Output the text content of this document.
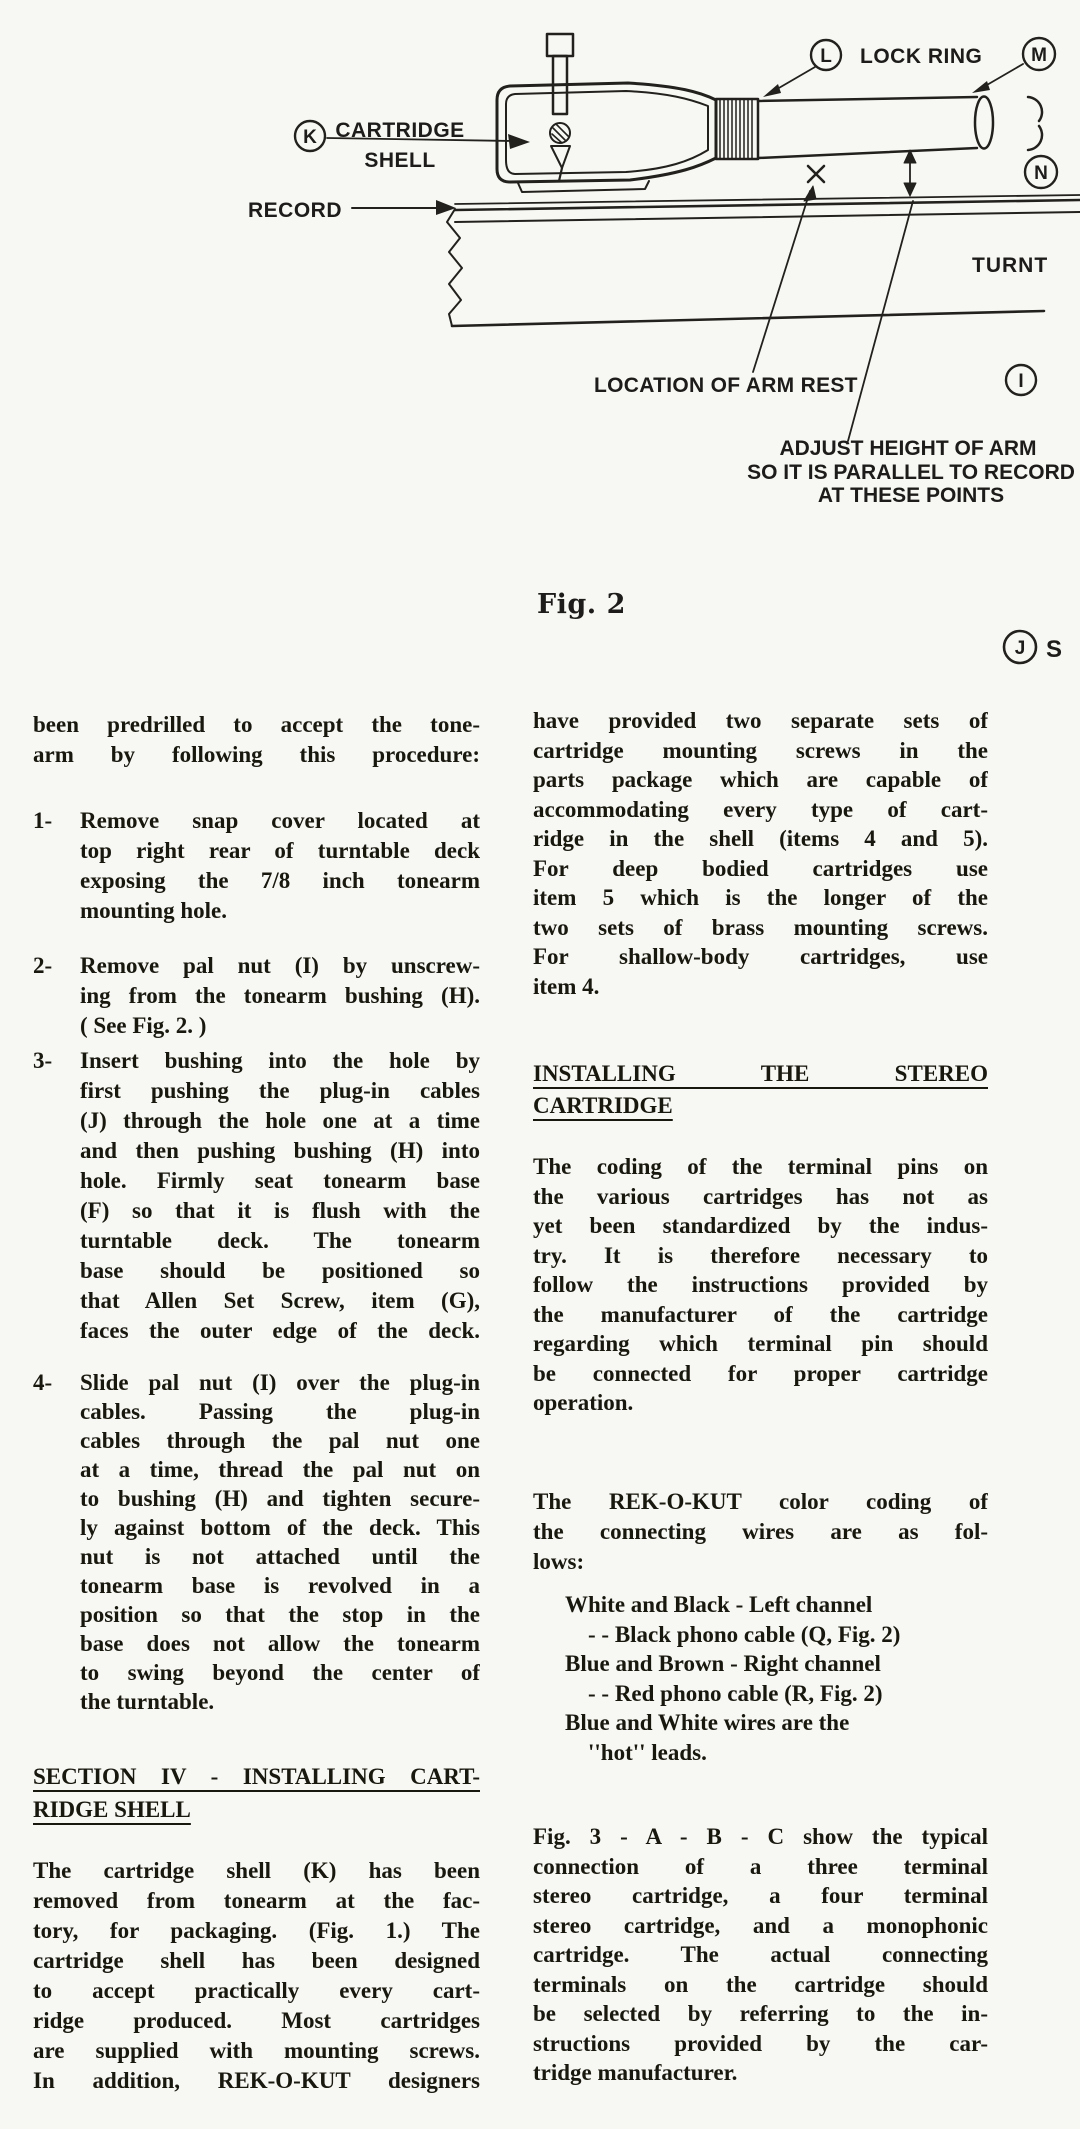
K CARTRIDGE
SHELL
L LOCK RING	M
N
I
J S
RECORD
TURNT
LOCATION OF ARM REST
ADJUST HEIGHT OF ARM
SO IT IS PARALLEL TO RECORD
AT THESE POINTS
Fig. 2
been predrilled to accept the tone-
arm by following this procedure:
1- Remove snap cover located at
top right rear of turntable deck
exposing the 7/8 inch tonearm
mounting hole.
2- Remove pal nut (I) by unscrew-
ing from the tonearm bushing (H).
( See Fig. 2. )
3- Insert bushing into the hole by
first pushing the plug-in cables
(J) through the hole one at a time
and then pushing bushing (H) into
hole. Firmly seat tonearm base
(F) so that it is flush with the
turntable deck. The tonearm
base should be positioned so
that Allen Set Screw, item (G),
faces the outer edge of the deck.
4- Slide pal nut (I) over the plug-in
cables. Passing the plug-in
cables through the pal nut one
at a time, thread the pal nut on
to bushing (H) and tighten secure-
ly against bottom of the deck. This
nut is not attached until the
tonearm base is revolved in a
position so that the stop in the
base does not allow the tonearm
to swing beyond the center of
the turntable.
SECTION IV - INSTALLING CART-
RIDGE SHELL
The cartridge shell (K) has been
removed from tonearm at the fac-
tory, for packaging. (Fig. 1.) The
cartridge shell has been designed
to accept practically every cart-
ridge produced. Most cartridges
are supplied with mounting screws.
In addition, REK-O-KUT designers
have provided two separate sets of
cartridge mounting screws in the
parts package which are capable of
accommodating every type of cart-
ridge in the shell (items 4 and 5).
For deep bodied cartridges use
item 5 which is the longer of the
two sets of brass mounting screws.
For shallow-body cartridges, use
item 4.
INSTALLING THE STEREO
CARTRIDGE
The coding of the terminal pins on
the various cartridges has not as
yet been standardized by the indus-
try. It is therefore necessary to
follow the instructions provided by
the manufacturer of the cartridge
regarding which terminal pin should
be connected for proper cartridge
operation.
The REK-O-KUT color coding of
the connecting wires are as fol-
lows:
White and Black - Left channel
- - Black phono cable (Q, Fig. 2)
Blue and Brown - Right channel
- - Red phono cable (R, Fig. 2)
Blue and White wires are the
''hot'' leads.
Fig. 3 - A - B - C show the typical
connection of a three terminal
stereo cartridge, a four terminal
stereo cartridge, and a monophonic
cartridge. The actual connecting
terminals on the cartridge should
be selected by referring to the in-
structions provided by the car-
tridge manufacturer.
